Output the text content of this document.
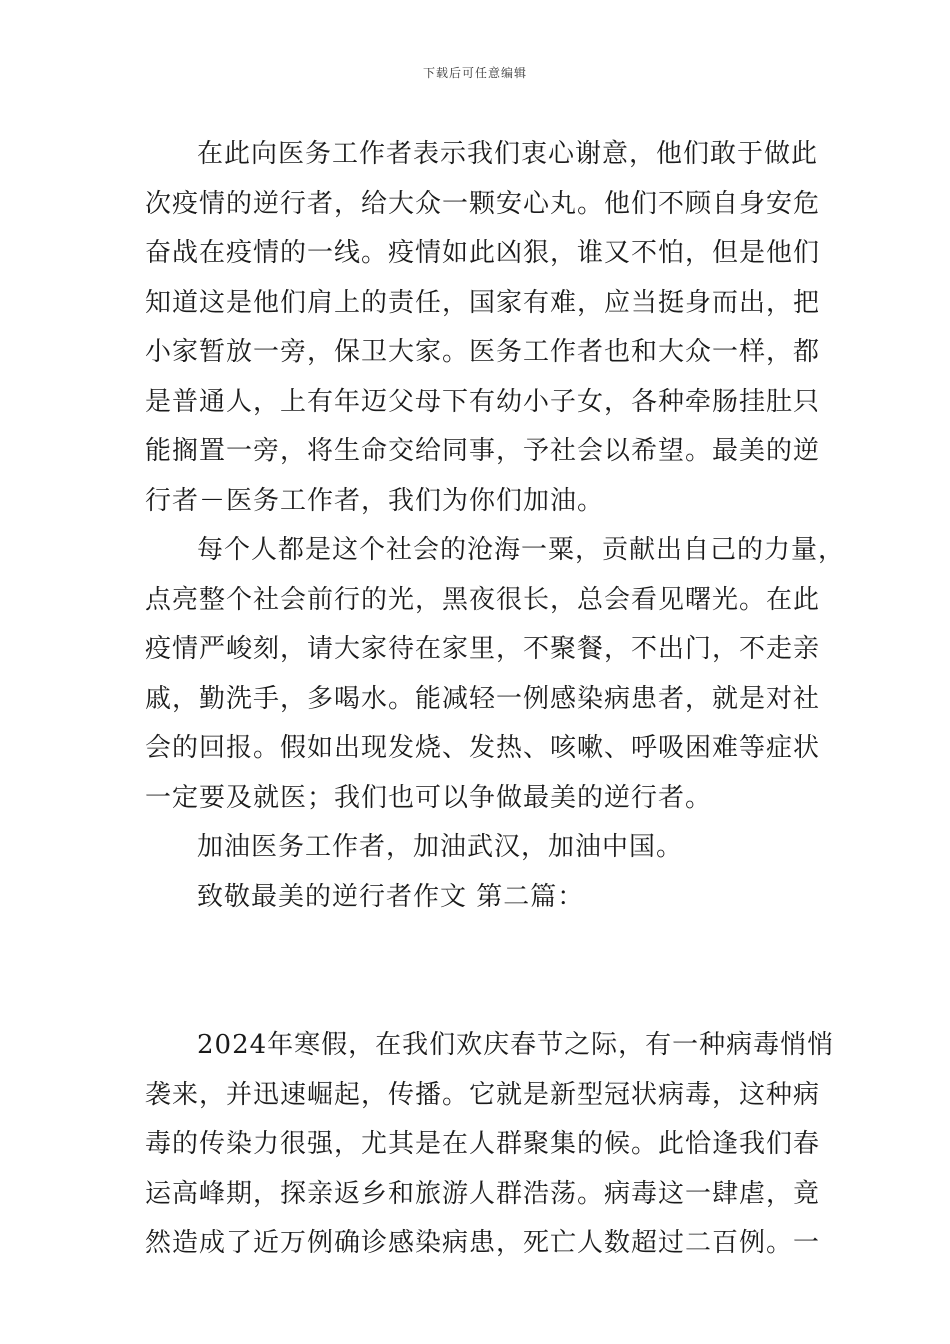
下载后可任意编辑
在此向医务工作者表示我们衷心谢意，他们敢于做此
次疫情的逆行者，给大众一颗安心丸。他们不顾自身安危
奋战在疫情的一线。疫情如此凶狠，谁又不怕，但是他们
知道这是他们肩上的责任，国家有难，应当挺身而出，把
小家暂放一旁，保卫大家。医务工作者也和大众一样，都
是普通人，上有年迈父母下有幼小子女，各种牵肠挂肚只
能搁置一旁，将生命交给同事，予社会以希望。最美的逆
行者－医务工作者，我们为你们加油。
每个人都是这个社会的沧海一粟，贡献出自己的力量，
点亮整个社会前行的光，黑夜很长，总会看见曙光。在此
疫情严峻刻，请大家待在家里，不聚餐，不出门，不走亲
戚，勤洗手，多喝水。能减轻一例感染病患者，就是对社
会的回报。假如出现发烧、发热、咳嗽、呼吸困难等症状
一定要及就医；我们也可以争做最美的逆行者。
加油医务工作者，加油武汉，加油中国。
致敬最美的逆行者作文 第二篇：
2024年寒假，在我们欢庆春节之际，有一种病毒悄悄
袭来，并迅速崛起，传播。它就是新型冠状病毒，这种病
毒的传染力很强，尤其是在人群聚集的候。此恰逢我们春
运高峰期，探亲返乡和旅游人群浩荡。病毒这一肆虐，竟
然造成了近万例确诊感染病患，死亡人数超过二百例。一
